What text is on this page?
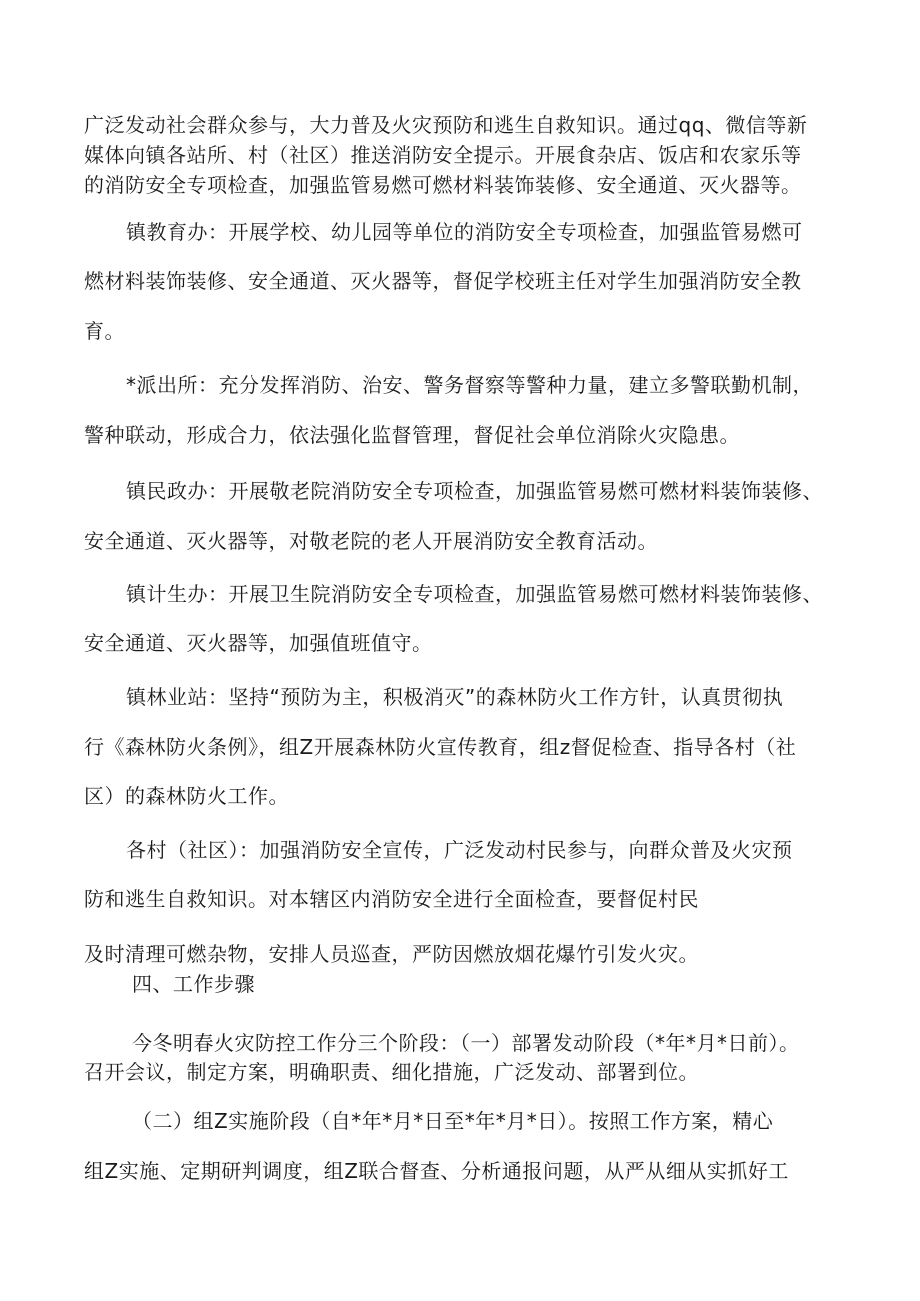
广泛发动社会群众参与，大力普及火灾预防和逃生自救知识。通过qq、微信等新
媒体向镇各站所、村（社区）推送消防安全提示。开展食杂店、饭店和农家乐等
的消防安全专项检查，加强监管易燃可燃材料装饰装修、安全通道、灭火器等。
镇教育办：开展学校、幼儿园等单位的消防安全专项检查，加强监管易燃可
燃材料装饰装修、安全通道、灭火器等，督促学校班主任对学生加强消防安全教
育。
*派出所：充分发挥消防、治安、警务督察等警种力量，建立多警联勤机制，
警种联动，形成合力，依法强化监督管理，督促社会单位消除火灾隐患。
镇民政办：开展敬老院消防安全专项检查，加强监管易燃可燃材料装饰装修、
安全通道、灭火器等，对敬老院的老人开展消防安全教育活动。
镇计生办：开展卫生院消防安全专项检查，加强监管易燃可燃材料装饰装修、
安全通道、灭火器等，加强值班值守。
镇林业站：坚持“预防为主，积极消灭”的森林防火工作方针，认真贯彻执
行《森林防火条例》，组Z开展森林防火宣传教育，组z督促检查、指导各村（社
区）的森林防火工作。
各村（社区）：加强消防安全宣传，广泛发动村民参与，向群众普及火灾预
防和逃生自救知识。对本辖区内消防安全进行全面检查，要督促村民
及时清理可燃杂物，安排人员巡查，严防因燃放烟花爆竹引发火灾。
四、工作步骤
今冬明春火灾防控工作分三个阶段：（一）部署发动阶段（*年*月*日前）。
召开会议，制定方案，明确职责、细化措施，广泛发动、部署到位。
（二）组Z实施阶段（自*年*月*日至*年*月*日）。按照工作方案，精心
组Z实施、定期研判调度，组Z联合督查、分析通报问题，从严从细从实抓好工
